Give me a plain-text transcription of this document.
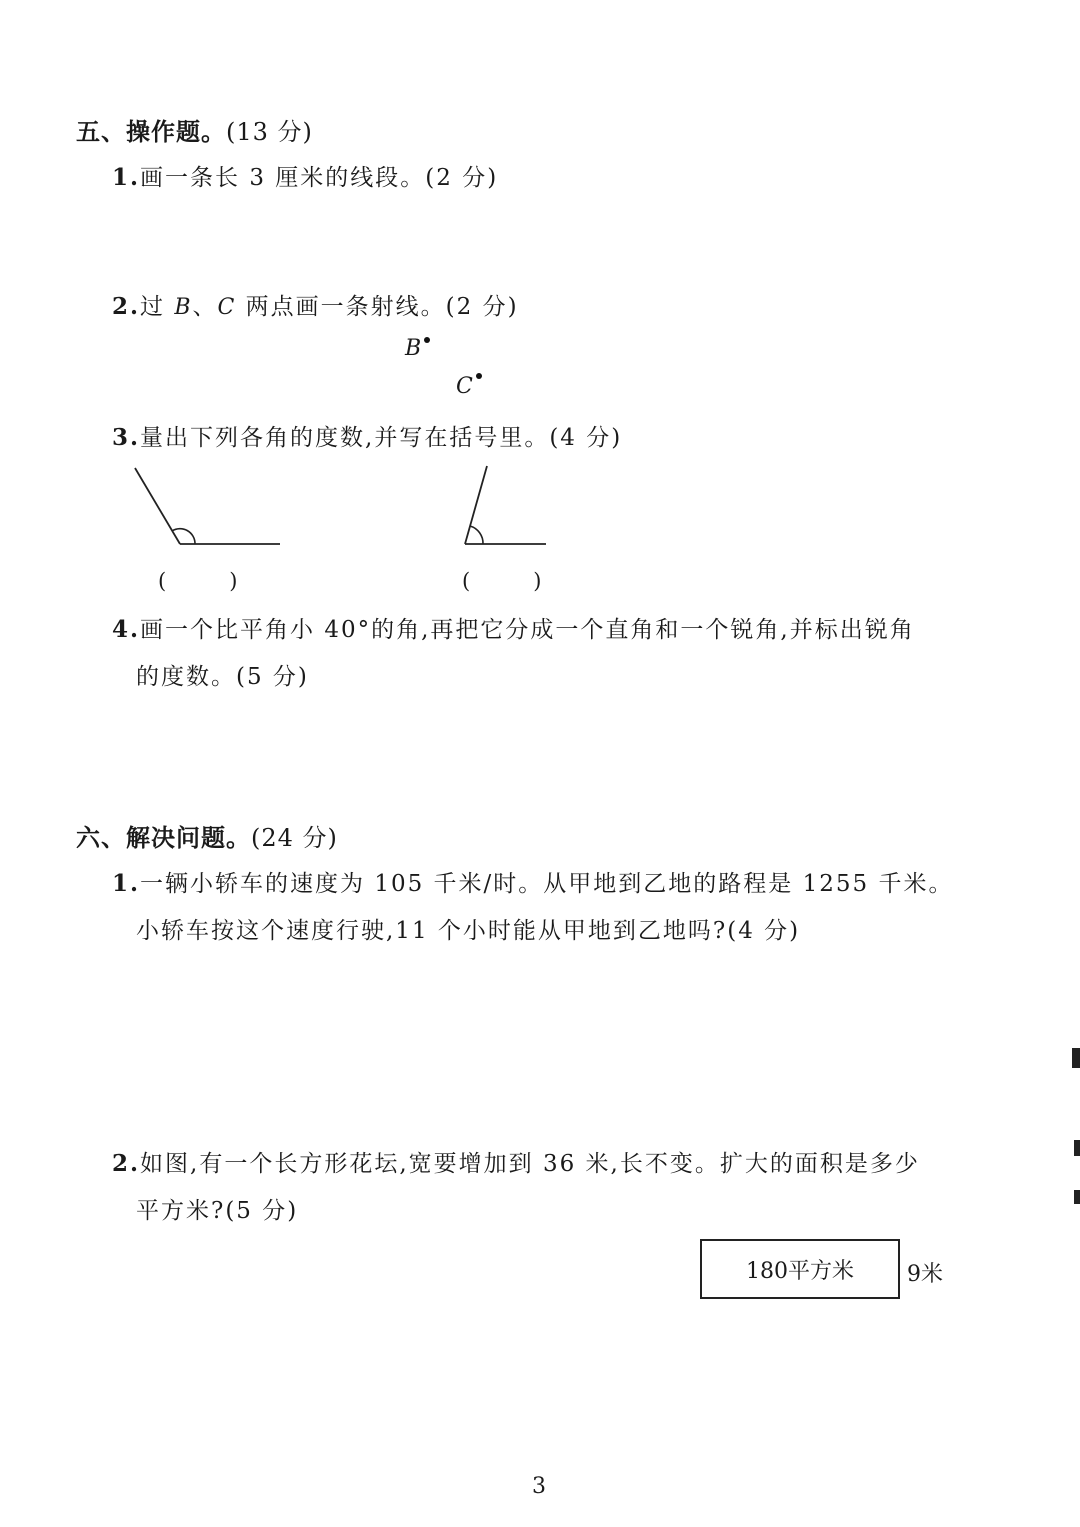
五、操作题。(13 分)
1.画一条长 3 厘米的线段。(2 分)
2.过 B、C 两点画一条射线。(2 分)
B
C
3.量出下列各角的度数,并写在括号里。(4 分)
(　　　)	(　　　)
4.画一个比平角小 40°的角,再把它分成一个直角和一个锐角,并标出锐角
的度数。(5 分)
六、解决问题。(24 分)
1.一辆小轿车的速度为 105 千米/时。从甲地到乙地的路程是 1255 千米。
小轿车按这个速度行驶,11 个小时能从甲地到乙地吗?(4 分)
2.如图,有一个长方形花坛,宽要增加到 36 米,长不变。扩大的面积是多少
平方米?(5 分)
180平方米 9米
3
